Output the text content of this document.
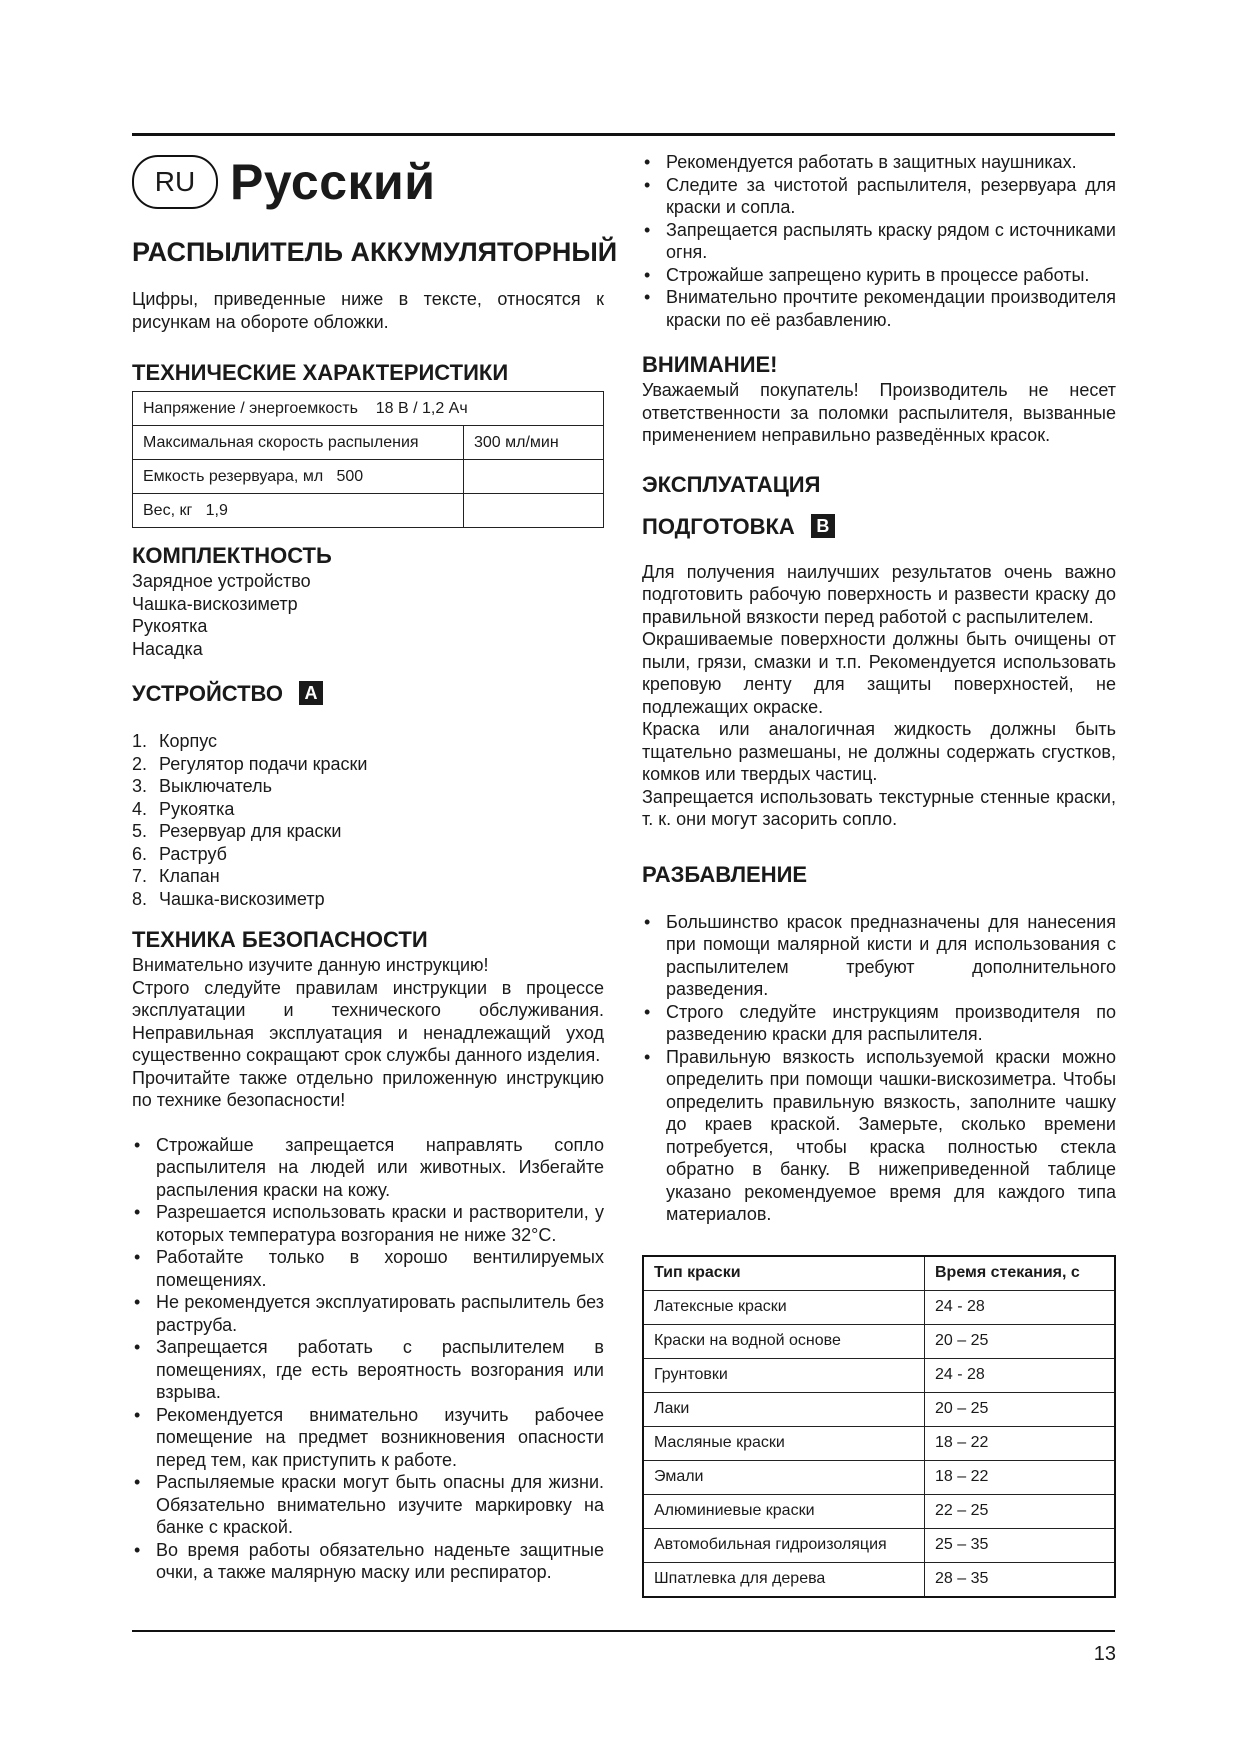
RU Русский
РАСПЫЛИТЕЛЬ АККУМУЛЯТОРНЫЙ

Цифры, приведенные ниже в тексте, относятся к рисункам на обороте обложки.

ТЕХНИЧЕСКИЕ ХАРАКТЕРИСТИКИ
Напряжение / энергоемкость 18 В / 1,2 Ач	
Максимальная скорость распыления	300 мл/мин
Емкость резервуара, мл 500	
Вес, кг 1,9	
КОМПЛЕКТНОСТЬ
Зарядное устройство
Чашка-вискозиметр
Рукоятка
Насадка
УСТРОЙСТВО A
1. Корпус
2. Регулятор подачи краски
3. Выключатель
4. Рукоятка
5. Резервуар для краски
6. Раструб
7. Клапан
8. Чашка-вискозиметр
ТЕХНИКА БЕЗОПАСНОСТИ

Внимательно изучите данную инструкцию!

Строго следуйте правилам инструкции в процессе эксплуатации и технического обслуживания. Неправильная эксплуатация и ненадлежащий уход существенно сокращают срок службы данного изделия.

Прочитайте также отдельно приложенную инструкцию по технике безопасности!

• Строжайше запрещается направлять сопло распылителя на людей или животных. Избегайте распыления краски на кожу.
• Разрешается использовать краски и растворители, у которых температура возгорания не ниже 32°C.
• Работайте только в хорошо вентилируемых помещениях.
• Не рекомендуется эксплуатировать распылитель без раструба.
• Запрещается работать с распылителем в помещениях, где есть вероятность возгорания или взрыва.
• Рекомендуется внимательно изучить рабочее помещение на предмет возникновения опасности перед тем, как приступить к работе.
• Распыляемые краски могут быть опасны для жизни. Обязательно внимательно изучите маркировку на банке с краской.
• Во время работы обязательно наденьте защитные очки, а также малярную маску или респиратор.
• Рекомендуется работать в защитных наушниках.
• Следите за чистотой распылителя, резервуара для краски и сопла.
• Запрещается распылять краску рядом с источниками огня.
• Строжайше запрещено курить в процессе работы.
• Внимательно прочтите рекомендации производителя краски по её разбавлению.
ВНИМАНИЕ!

Уважаемый покупатель! Производитель не несет ответственности за поломки распылителя, вызванные применением неправильно разведённых красок.

ЭКСПЛУАТАЦИЯ
ПОДГОТОВКА B

Для получения наилучших результатов очень важно подготовить рабочую поверхность и развести краску до правильной вязкости перед работой с распылителем.

Окрашиваемые поверхности должны быть очищены от пыли, грязи, смазки и т.п. Рекомендуется использовать креповую ленту для защиты поверхностей, не подлежащих окраске.

Краска или аналогичная жидкость должны быть тщательно размешаны, не должны содержать сгустков, комков или твердых частиц.

Запрещается использовать текстурные стенные краски, т. к. они могут засорить сопло.

РАЗБАВЛЕНИЕ
• Большинство красок предназначены для нанесения при помощи малярной кисти и для использования с распылителем требуют дополнительного разведения.
• Строго следуйте инструкциям производителя по разведению краски для распылителя.
• Правильную вязкость используемой краски можно определить при помощи чашки-вискозиметра. Чтобы определить правильную вязкость, заполните чашку до краев краской. Замерьте, сколько времени потребуется, чтобы краска полностью стекла обратно в банку. В нижеприведенной таблице указано рекомендуемое время для каждого типа материалов.
Тип краски	Время стекания, с
Латексные краски	24 - 28
Краски на водной основе	20 – 25
Грунтовки	24 - 28
Лаки	20 – 25
Масляные краски	18 – 22
Эмали	18 – 22
Алюминиевые краски	22 – 25
Автомобильная гидроизоляция	25 – 35
Шпатлевка для дерева	28 – 35
13
